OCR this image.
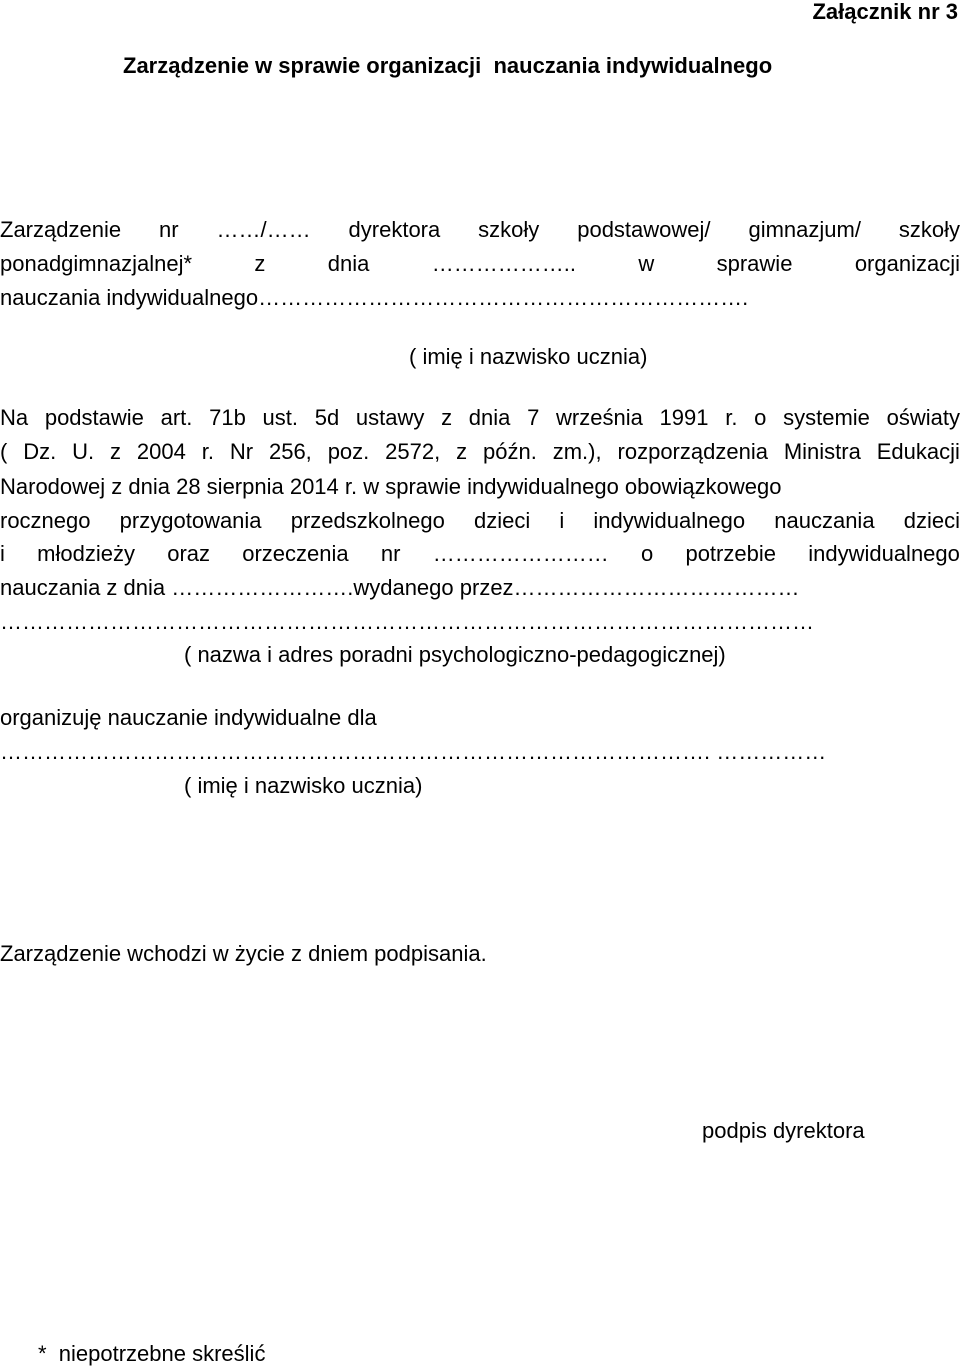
Załącznik nr 3
Zarządzenie w sprawie organizacji  nauczania indywidualnego
Zarządzenie nr ……/…… dyrektora szkoły podstawowej/ gimnazjum/ szkoły
ponadgimnazjalnej*	z	dnia	………………..	w	sprawie	organizacji
nauczania indywidualnego………………………………………………………….
( imię i nazwisko ucznia)
Na podstawie art. 71b ust. 5d ustawy z dnia 7 września 1991 r. o systemie oświaty
( Dz. U. z 2004 r. Nr 256, poz. 2572, z późn. zm.), rozporządzenia Ministra Edukacji
Narodowej z dnia 28 sierpnia 2014 r. w sprawie indywidualnego obowiązkowego
rocznego przygotowania przedszkolnego dzieci i indywidualnego nauczania dzieci
i młodzieży oraz orzeczenia nr …………………… o potrzebie indywidualnego
nauczania z dnia …………………….wydanego przez…………………………………
…………………………………………………………………………………………………
( nazwa i adres poradni psychologiczno-pedagogicznej)
organizuję nauczanie indywidualne dla
……………………………………………………………………………………. ……………
( imię i nazwisko ucznia)
Zarządzenie wchodzi w życie z dniem podpisania.
podpis dyrektora
*  niepotrzebne skreślić
